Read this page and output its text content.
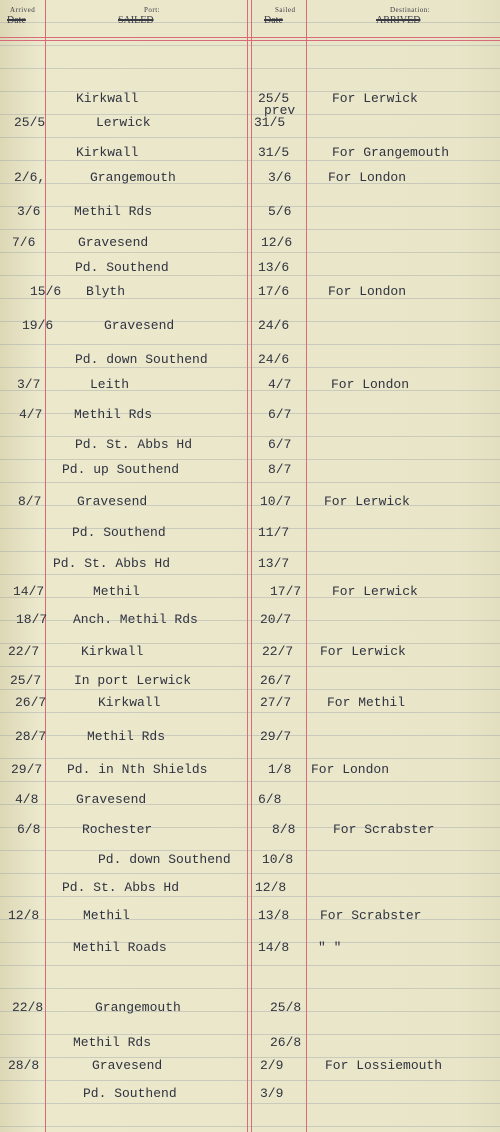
Arrived
Date
Port:
SAILED
Sailed
Date
Destination:
ARRIVED
prev
Kirkwall	25/5	For Lerwick
25/5	Lerwick	31/5
Kirkwall	31/5	For Grangemouth
2/6,	Grangemouth	3/6	For London
3/6	Methil Rds	5/6
7/6	Gravesend	12/6
Pd. Southend	13/6
15/6 Blyth	17/6	For London
19/6	Gravesend	24/6
Pd. down Southend	24/6
3/7	Leith	4/7	For London
4/7 Methil Rds	6/7
Pd. St. Abbs Hd	6/7
Pd. up Southend	8/7
8/7	Gravesend	10/7	For Lerwick
Pd. Southend	11/7
Pd. St. Abbs Hd	13/7
14/7	Methil	17/7 For Lerwick
18/7 Anch. Methil Rds	20/7
22/7	Kirkwall	22/7 For Lerwick
25/7	In port Lerwick	26/7
26/7	Kirkwall	27/7	For Methil
28/7	Methil Rds	29/7
29/7 Pd. in Nth Shields	1/8 For London
4/8	Gravesend	6/8
6/8	Rochester	8/8	For Scrabster
Pd. down Southend 10/8
Pd. St. Abbs Hd	12/8
12/8	Methil	13/8 For Scrabster
Methil Roads	14/8 " "
22/8	Grangemouth	25/8
Methil Rds	26/8
28/8	Gravesend	2/9	For Lossiemouth
Pd. Southend	3/9
